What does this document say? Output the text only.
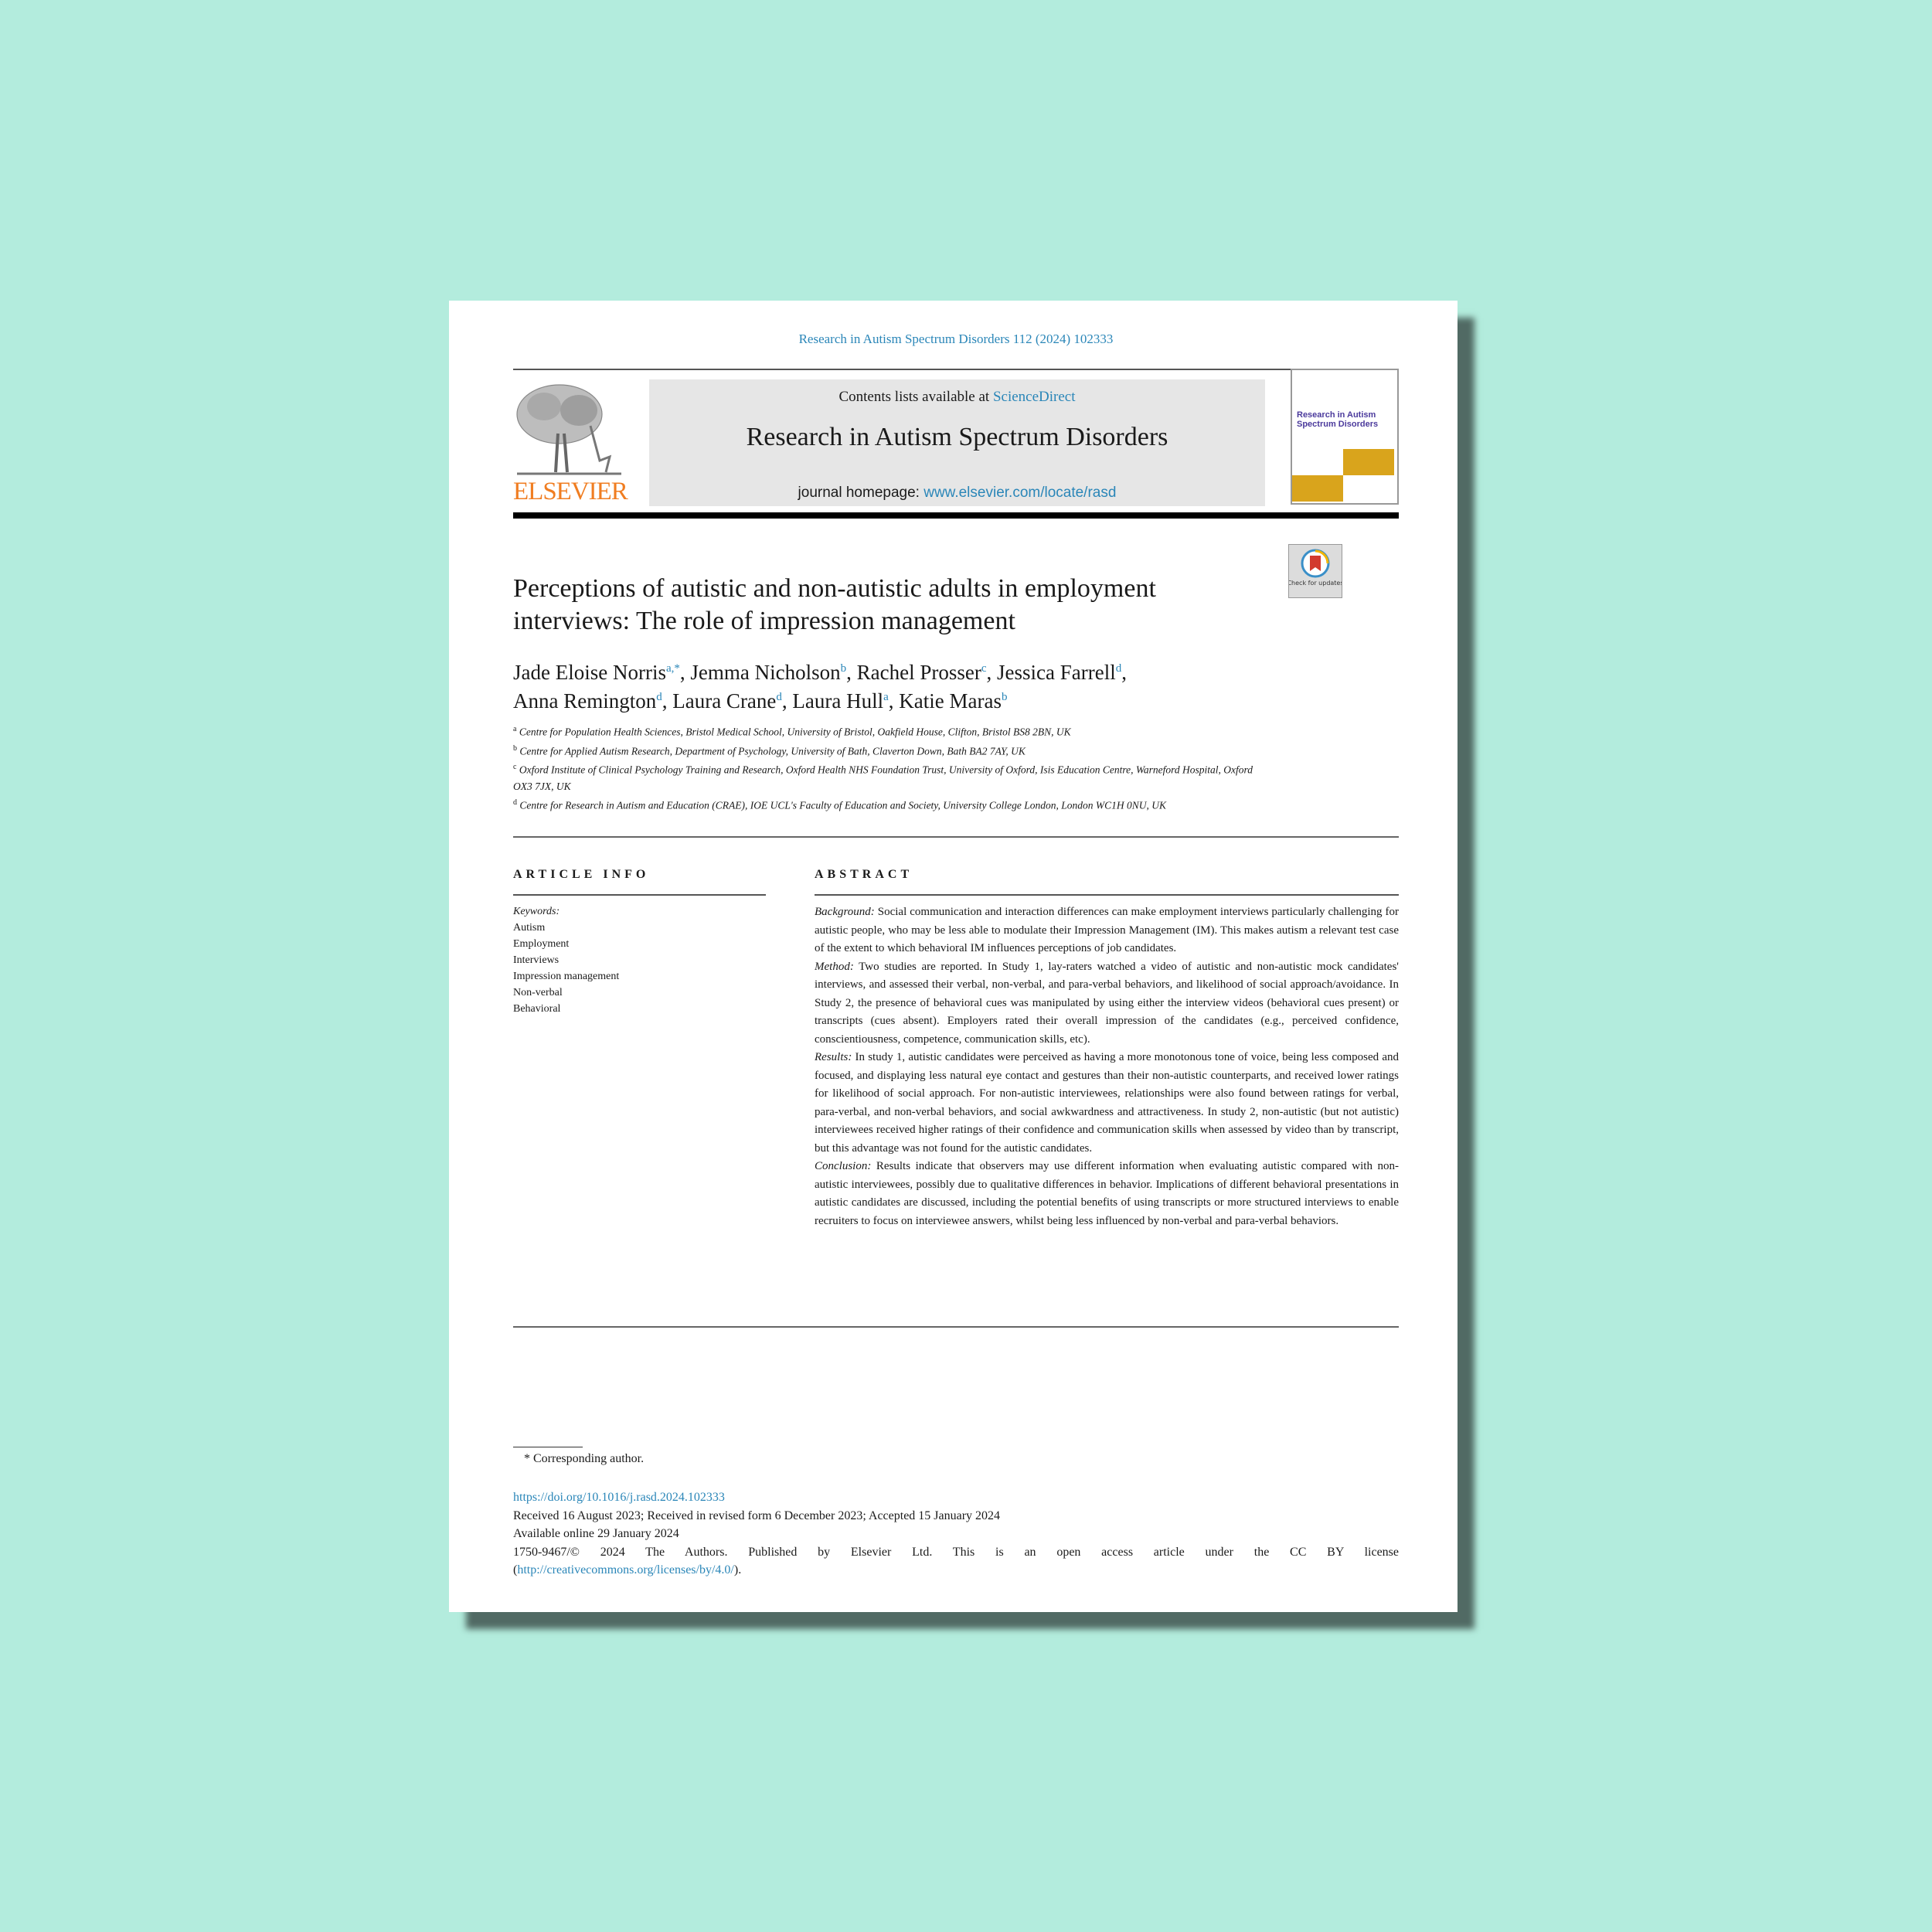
Research in Autism Spectrum Disorders 112 (2024) 102333
ELSEVIER
Contents lists available at ScienceDirect
Research in Autism Spectrum Disorders
journal homepage: www.elsevier.com/locate/rasd
Research in Autism Spectrum Disorders
Check for updates
Perceptions of autistic and non-autistic adults in employment interviews: The role of impression management
Jade Eloise Norris$^{a,*}$, Jemma Nicholson$^b$, Rachel Prosser$^c$, Jessica Farrell$^d$,
Anna Remington$^d$, Laura Crane$^d$, Laura Hull$^a$, Katie Maras$^b$
$^a$ Centre for Population Health Sciences, Bristol Medical School, University of Bristol, Oakfield House, Clifton, Bristol BS8 2BN, UK
$^b$ Centre for Applied Autism Research, Department of Psychology, University of Bath, Claverton Down, Bath BA2 7AY, UK
$^c$ Oxford Institute of Clinical Psychology Training and Research, Oxford Health NHS Foundation Trust, University of Oxford, Isis Education Centre, Warneford Hospital, Oxford OX3 7JX, UK
$^d$ Centre for Research in Autism and Education (CRAE), IOE UCL's Faculty of Education and Society, University College London, London WC1H 0NU, UK
ARTICLE INFO
Keywords:
Autism
Employment
Interviews
Impression management
Non-verbal
Behavioral
ABSTRACT
Background: Social communication and interaction differences can make employment interviews particularly challenging for autistic people, who may be less able to modulate their Impression Management (IM). This makes autism a relevant test case of the extent to which behavioral IM influences perceptions of job candidates.
Method: Two studies are reported. In Study 1, lay-raters watched a video of autistic and non-autistic mock candidates' interviews, and assessed their verbal, non-verbal, and para-verbal behaviors, and likelihood of social approach/avoidance. In Study 2, the presence of behavioral cues was manipulated by using either the interview videos (behavioral cues present) or transcripts (cues absent). Employers rated their overall impression of the candidates (e.g., perceived confidence, conscientiousness, competence, communication skills, etc).
Results: In study 1, autistic candidates were perceived as having a more monotonous tone of voice, being less composed and focused, and displaying less natural eye contact and gestures than their non-autistic counterparts, and received lower ratings for likelihood of social approach. For non-autistic interviewees, relationships were also found between ratings for verbal, para-verbal, and non-verbal behaviors, and social awkwardness and attractiveness. In study 2, non-autistic (but not autistic) interviewees received higher ratings of their confidence and communication skills when assessed by video than by transcript, but this advantage was not found for the autistic candidates.
Conclusion: Results indicate that observers may use different information when evaluating autistic compared with non-autistic interviewees, possibly due to qualitative differences in behavior. Implications of different behavioral presentations in autistic candidates are discussed, including the potential benefits of using transcripts or more structured interviews to enable recruiters to focus on interviewee answers, whilst being less influenced by non-verbal and para-verbal behaviors.
* Corresponding author.
https://doi.org/10.1016/j.rasd.2024.102333
Received 16 August 2023; Received in revised form 6 December 2023; Accepted 15 January 2024
Available online 29 January 2024
1750-9467/© 2024 The Authors. Published by Elsevier Ltd. This is an open access article under the CC BY license
(http://creativecommons.org/licenses/by/4.0/).
